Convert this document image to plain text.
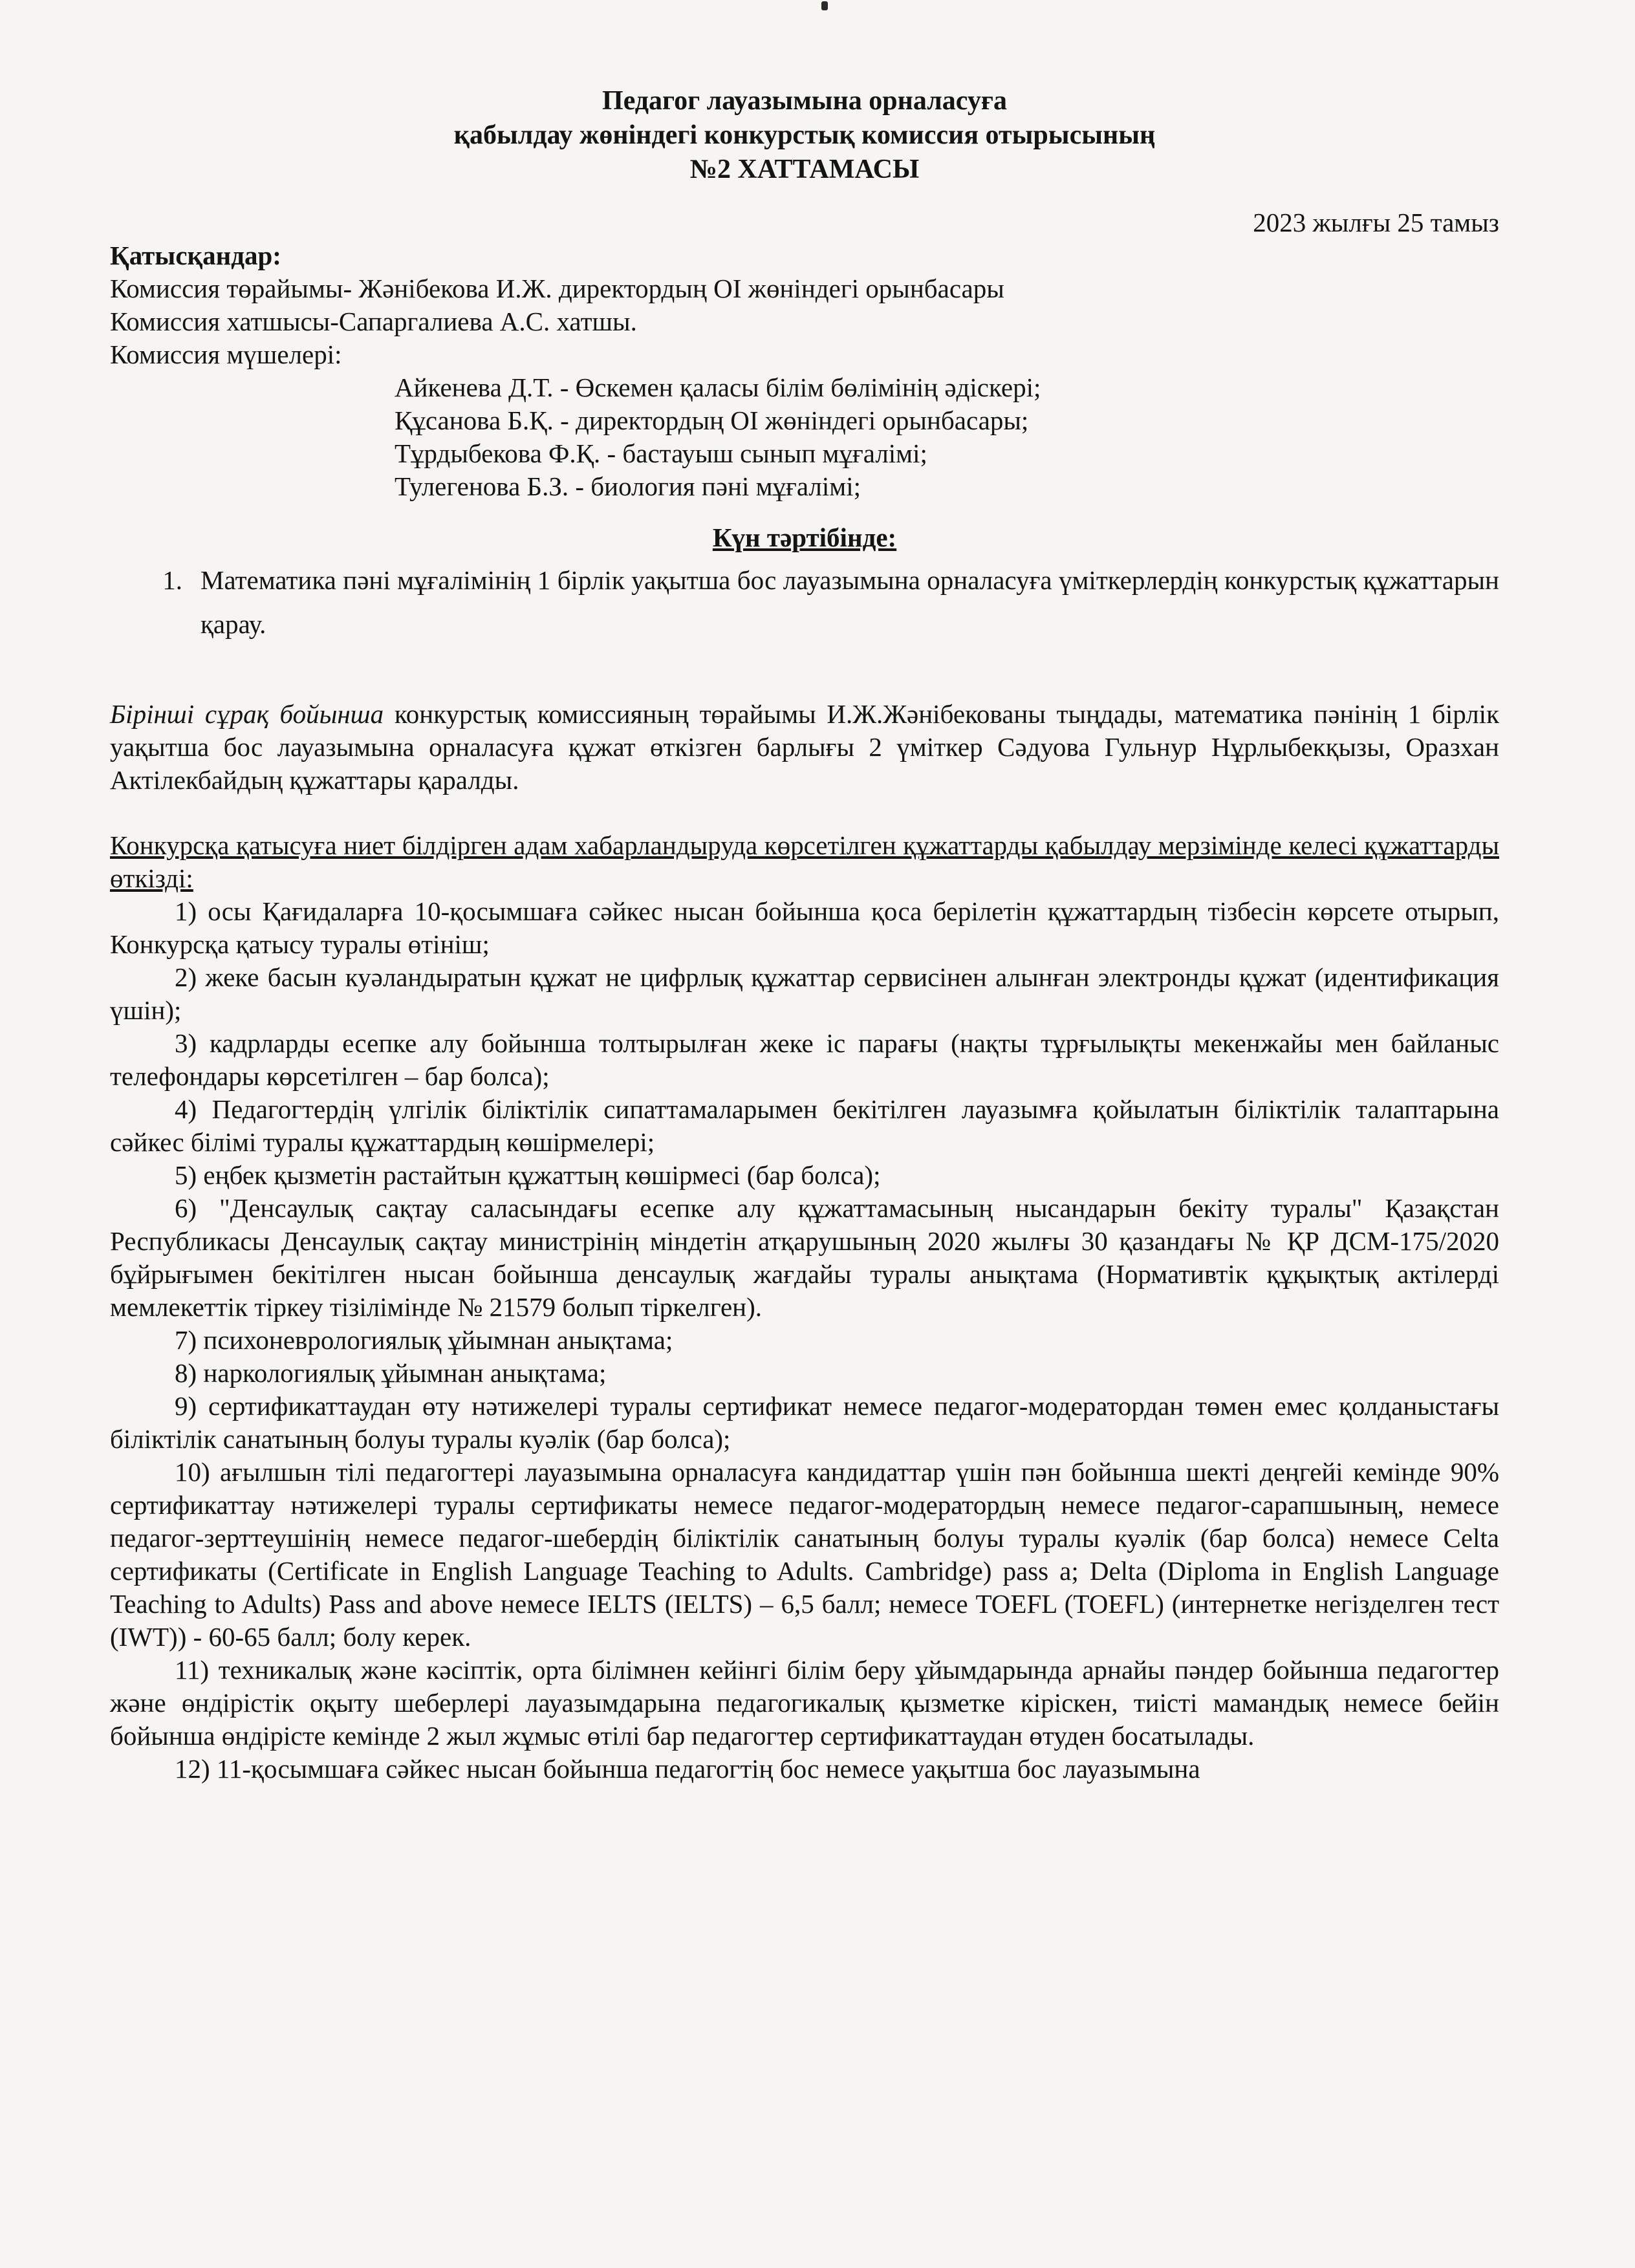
Педагог лауазымына орналасуға
қабылдау жөніндегі конкурстық комиссия отырысының
№2 ХАТТАМАСЫ
2023 жылғы 25 тамыз
Қатысқандар:
Комиссия төрайымы- Жәнібекова И.Ж. директордың ОІ жөніндегі орынбасары
Комиссия хатшысы-Сапаргалиева А.С. хатшы.
Комиссия мүшелері:
Айкенева Д.Т. - Өскемен қаласы білім бөлімінің әдіскері;
Құсанова Б.Қ. - директордың ОІ жөніндегі орынбасары;
Тұрдыбекова Ф.Қ. - бастауыш сынып мұғалімі;
Тулегенова Б.З. - биология пәні мұғалімі;
Күн тәртібінде:
1. Математика пәні мұғалімінің 1 бірлік уақытша бос лауазымына орналасуға үміткерлердің конкурстық құжаттарын қарау.
Бірінші сұрақ бойынша конкурстық комиссияның төрайымы И.Ж.Жәнібекованы тыңдады, математика пәнінің 1 бірлік уақытша бос лауазымына орналасуға құжат өткізген барлығы 2 үміткер Сәдуова Гульнур Нұрлыбекқызы, Оразхан Актілекбайдың құжаттары қаралды.
Конкурсқа қатысуға ниет білдірген адам хабарландыруда көрсетілген құжаттарды қабылдау мерзімінде келесі құжаттарды өткізді:

1) осы Қағидаларға 10-қосымшаға сәйкес нысан бойынша қоса берілетін құжаттардың тізбесін көрсете отырып, Конкурсқа қатысу туралы өтініш;

2) жеке басын куәландыратын құжат не цифрлық құжаттар сервисінен алынған электронды құжат (идентификация үшін);

3) кадрларды есепке алу бойынша толтырылған жеке іс парағы (нақты тұрғылықты мекенжайы мен байланыс телефондары көрсетілген – бар болса);

4) Педагогтердің үлгілік біліктілік сипаттамаларымен бекітілген лауазымға қойылатын біліктілік талаптарына сәйкес білімі туралы құжаттардың көшірмелері;

5) еңбек қызметін растайтын құжаттың көшірмесі (бар болса);

6) "Денсаулық сақтау саласындағы есепке алу құжаттамасының нысандарын бекіту туралы" Қазақстан Республикасы Денсаулық сақтау министрінің міндетін атқарушының 2020 жылғы 30 қазандағы № ҚР ДСМ-175/2020 бұйрығымен бекітілген нысан бойынша денсаулық жағдайы туралы анықтама (Нормативтік құқықтық актілерді мемлекеттік тіркеу тізілімінде № 21579 болып тіркелген).

7) психоневрологиялық ұйымнан анықтама;

8) наркологиялық ұйымнан анықтама;

9) сертификаттаудан өту нәтижелері туралы сертификат немесе педагог-модератордан төмен емес қолданыстағы біліктілік санатының болуы туралы куәлік (бар болса);

10) ағылшын тілі педагогтері лауазымына орналасуға кандидаттар үшін пән бойынша шекті деңгейі кемінде 90% сертификаттау нәтижелері туралы сертификаты немесе педагог-модератордың немесе педагог-сарапшының, немесе педагог-зерттеушінің немесе педагог-шебердің біліктілік санатының болуы туралы куәлік (бар болса) немесе Celta сертификаты (Certificate in English Language Teaching to Adults. Cambridge) pass a; Delta (Diploma in English Language Teaching to Adults) Pass and above немесе IELTS (IELTS) – 6,5 балл; немесе TOEFL (TOEFL) (интернетке негізделген тест (IWT)) - 60-65 балл; болу керек.

11) техникалық және кәсіптік, орта білімнен кейінгі білім беру ұйымдарында арнайы пәндер бойынша педагогтер және өндірістік оқыту шеберлері лауазымдарына педагогикалық қызметке кіріскен, тиісті мамандық немесе бейін бойынша өндірісте кемінде 2 жыл жұмыс өтілі бар педагогтер сертификаттаудан өтуден босатылады.

12) 11-қосымшаға сәйкес нысан бойынша педагогтің бос немесе уақытша бос лауазымына
